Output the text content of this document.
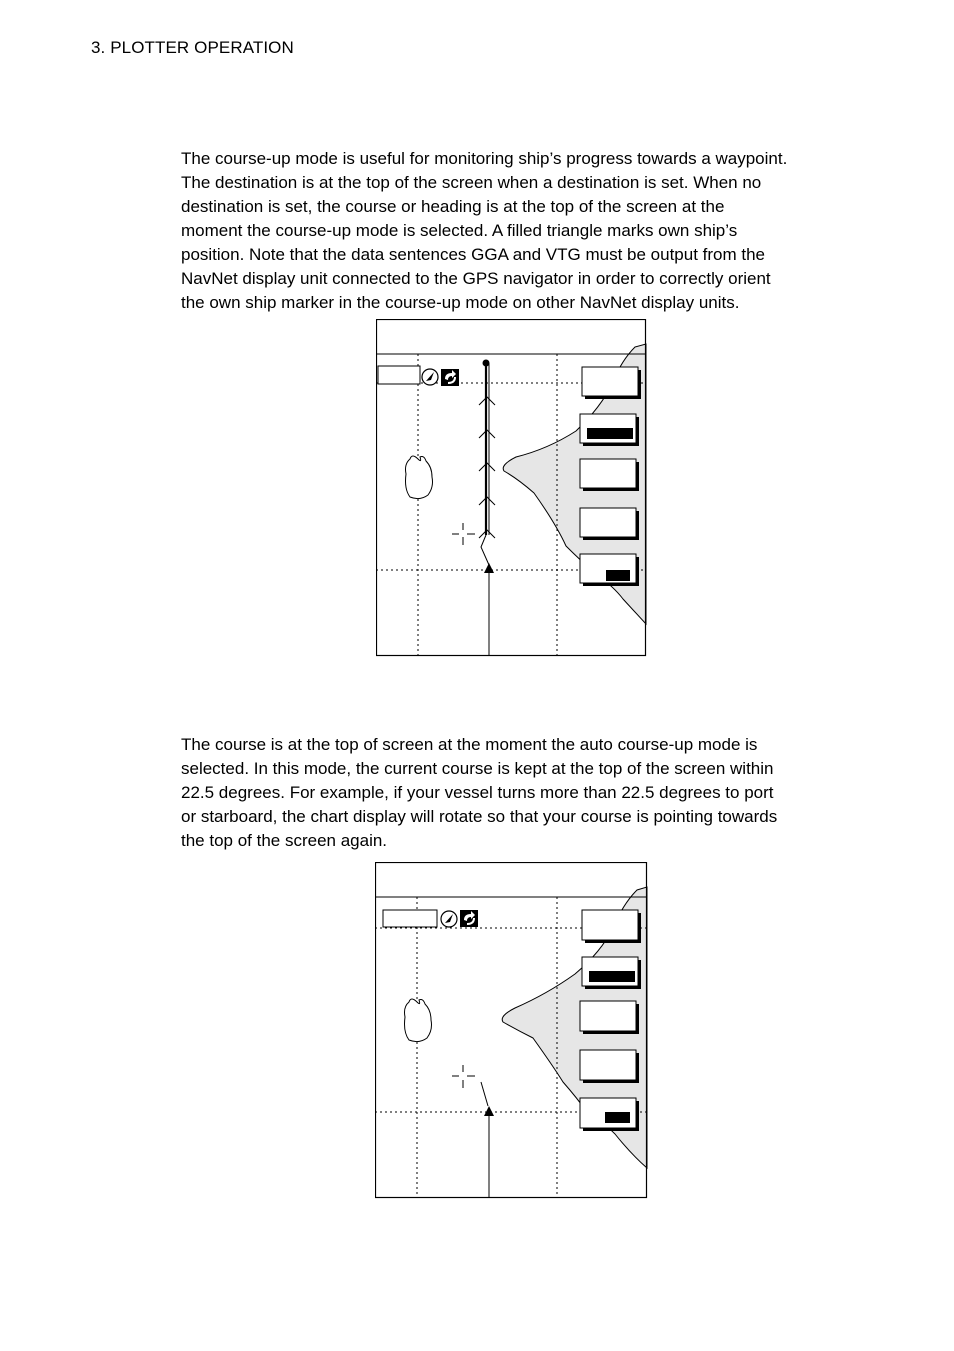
3. PLOTTER OPERATION
The course-up mode is useful for monitoring ship’s progress towards a waypoint.
The destination is at the top of the screen when a destination is set. When no
destination is set, the course or heading is at the top of the screen at the
moment the course-up mode is selected. A filled triangle marks own ship’s
position. Note that the data sentences GGA and VTG must be output from the
NavNet display unit connected to the GPS navigator in order to correctly orient
the own ship marker in the course-up mode on other NavNet display units.
The course is at the top of screen at the moment the auto course-up mode is
selected. In this mode, the current course is kept at the top of the screen within
22.5 degrees. For example, if your vessel turns more than 22.5 degrees to port
or starboard, the chart display will rotate so that your course is pointing towards
the top of the screen again.
